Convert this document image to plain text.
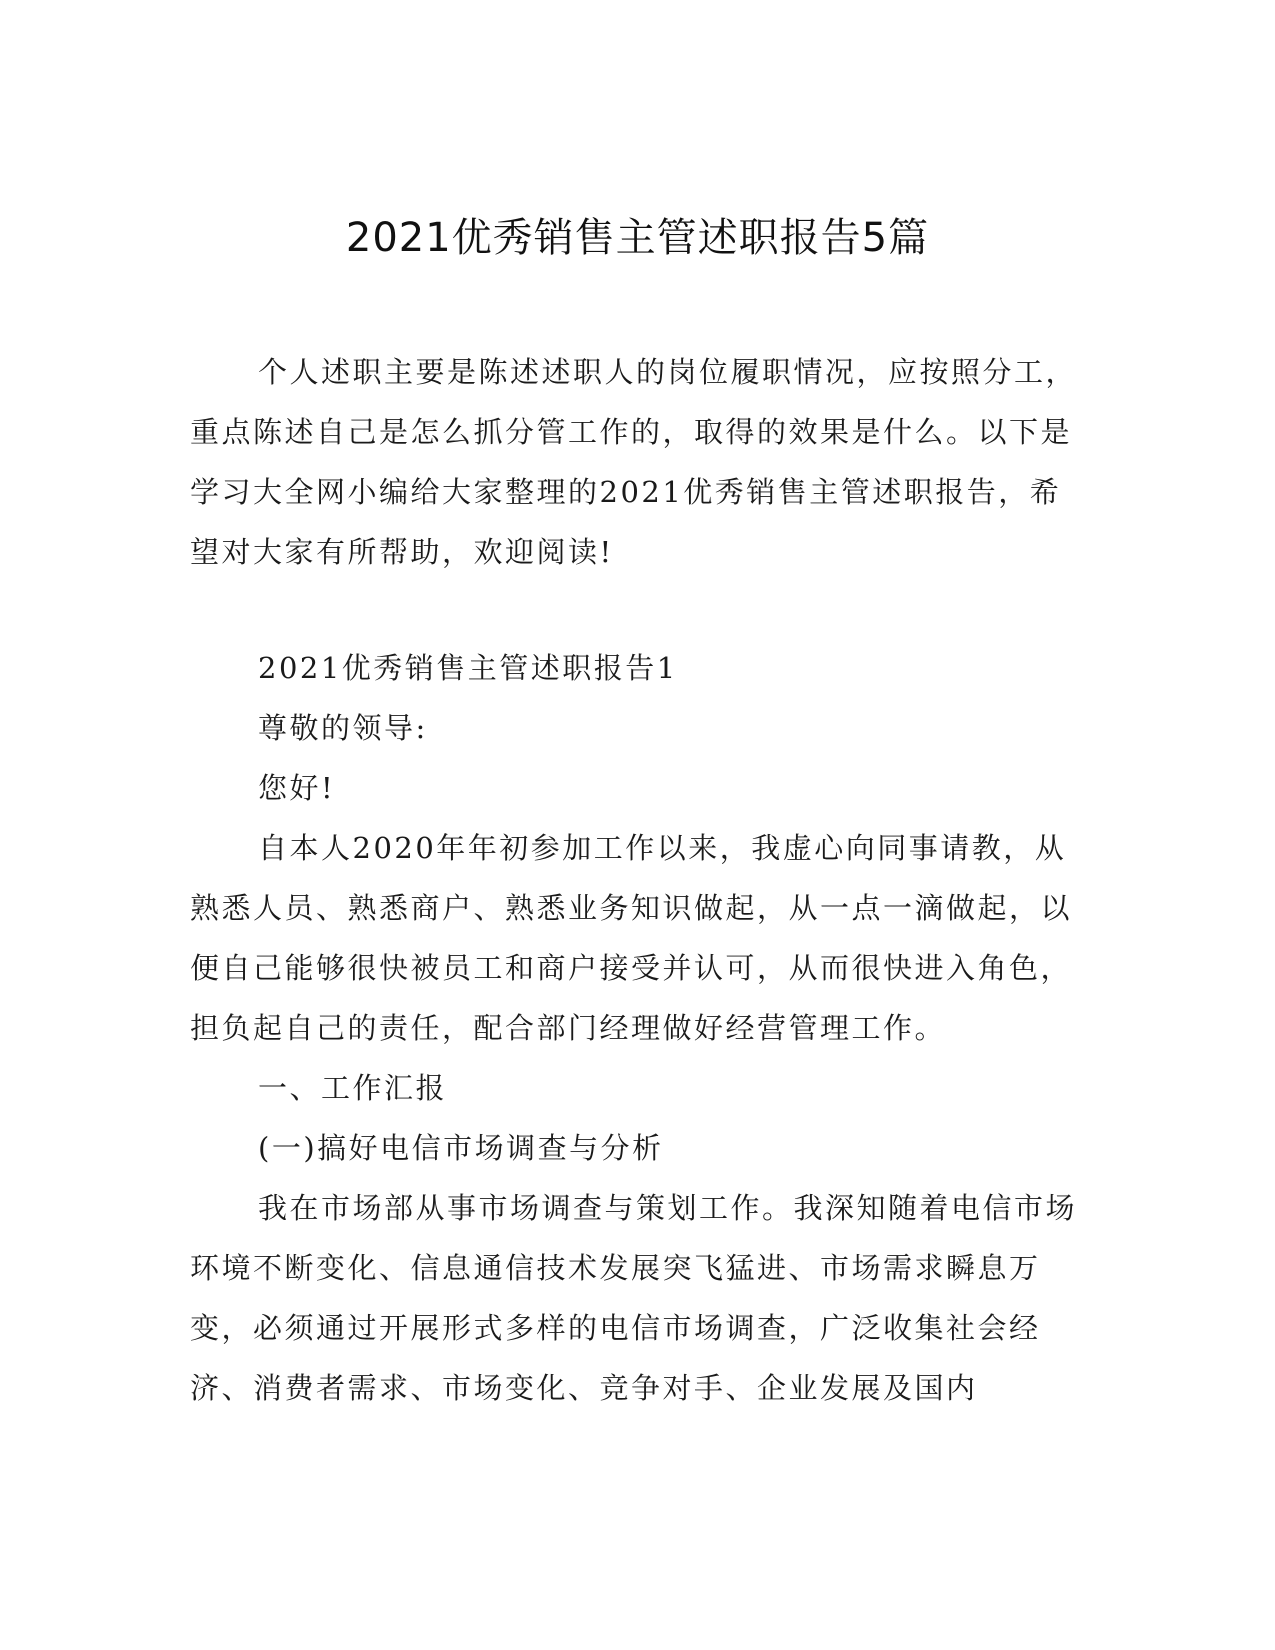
2021优秀销售主管述职报告5篇

个人述职主要是陈述述职人的岗位履职情况，应按照分工，重点陈述自己是怎么抓分管工作的，取得的效果是什么。以下是学习大全网小编给大家整理的2021优秀销售主管述职报告，希望对大家有所帮助，欢迎阅读!

2021优秀销售主管述职报告1

尊敬的领导:

您好!

自本人2020年年初参加工作以来，我虚心向同事请教，从熟悉人员、熟悉商户、熟悉业务知识做起，从一点一滴做起，以便自己能够很快被员工和商户接受并认可，从而很快进入角色，担负起自己的责任，配合部门经理做好经营管理工作。

一、工作汇报

(一)搞好电信市场调查与分析

我在市场部从事市场调查与策划工作。我深知随着电信市场环境不断变化、信息通信技术发展突飞猛进、市场需求瞬息万变，必须通过开展形式多样的电信市场调查，广泛收集社会经济、消费者需求、市场变化、竞争对手、企业发展及国内
